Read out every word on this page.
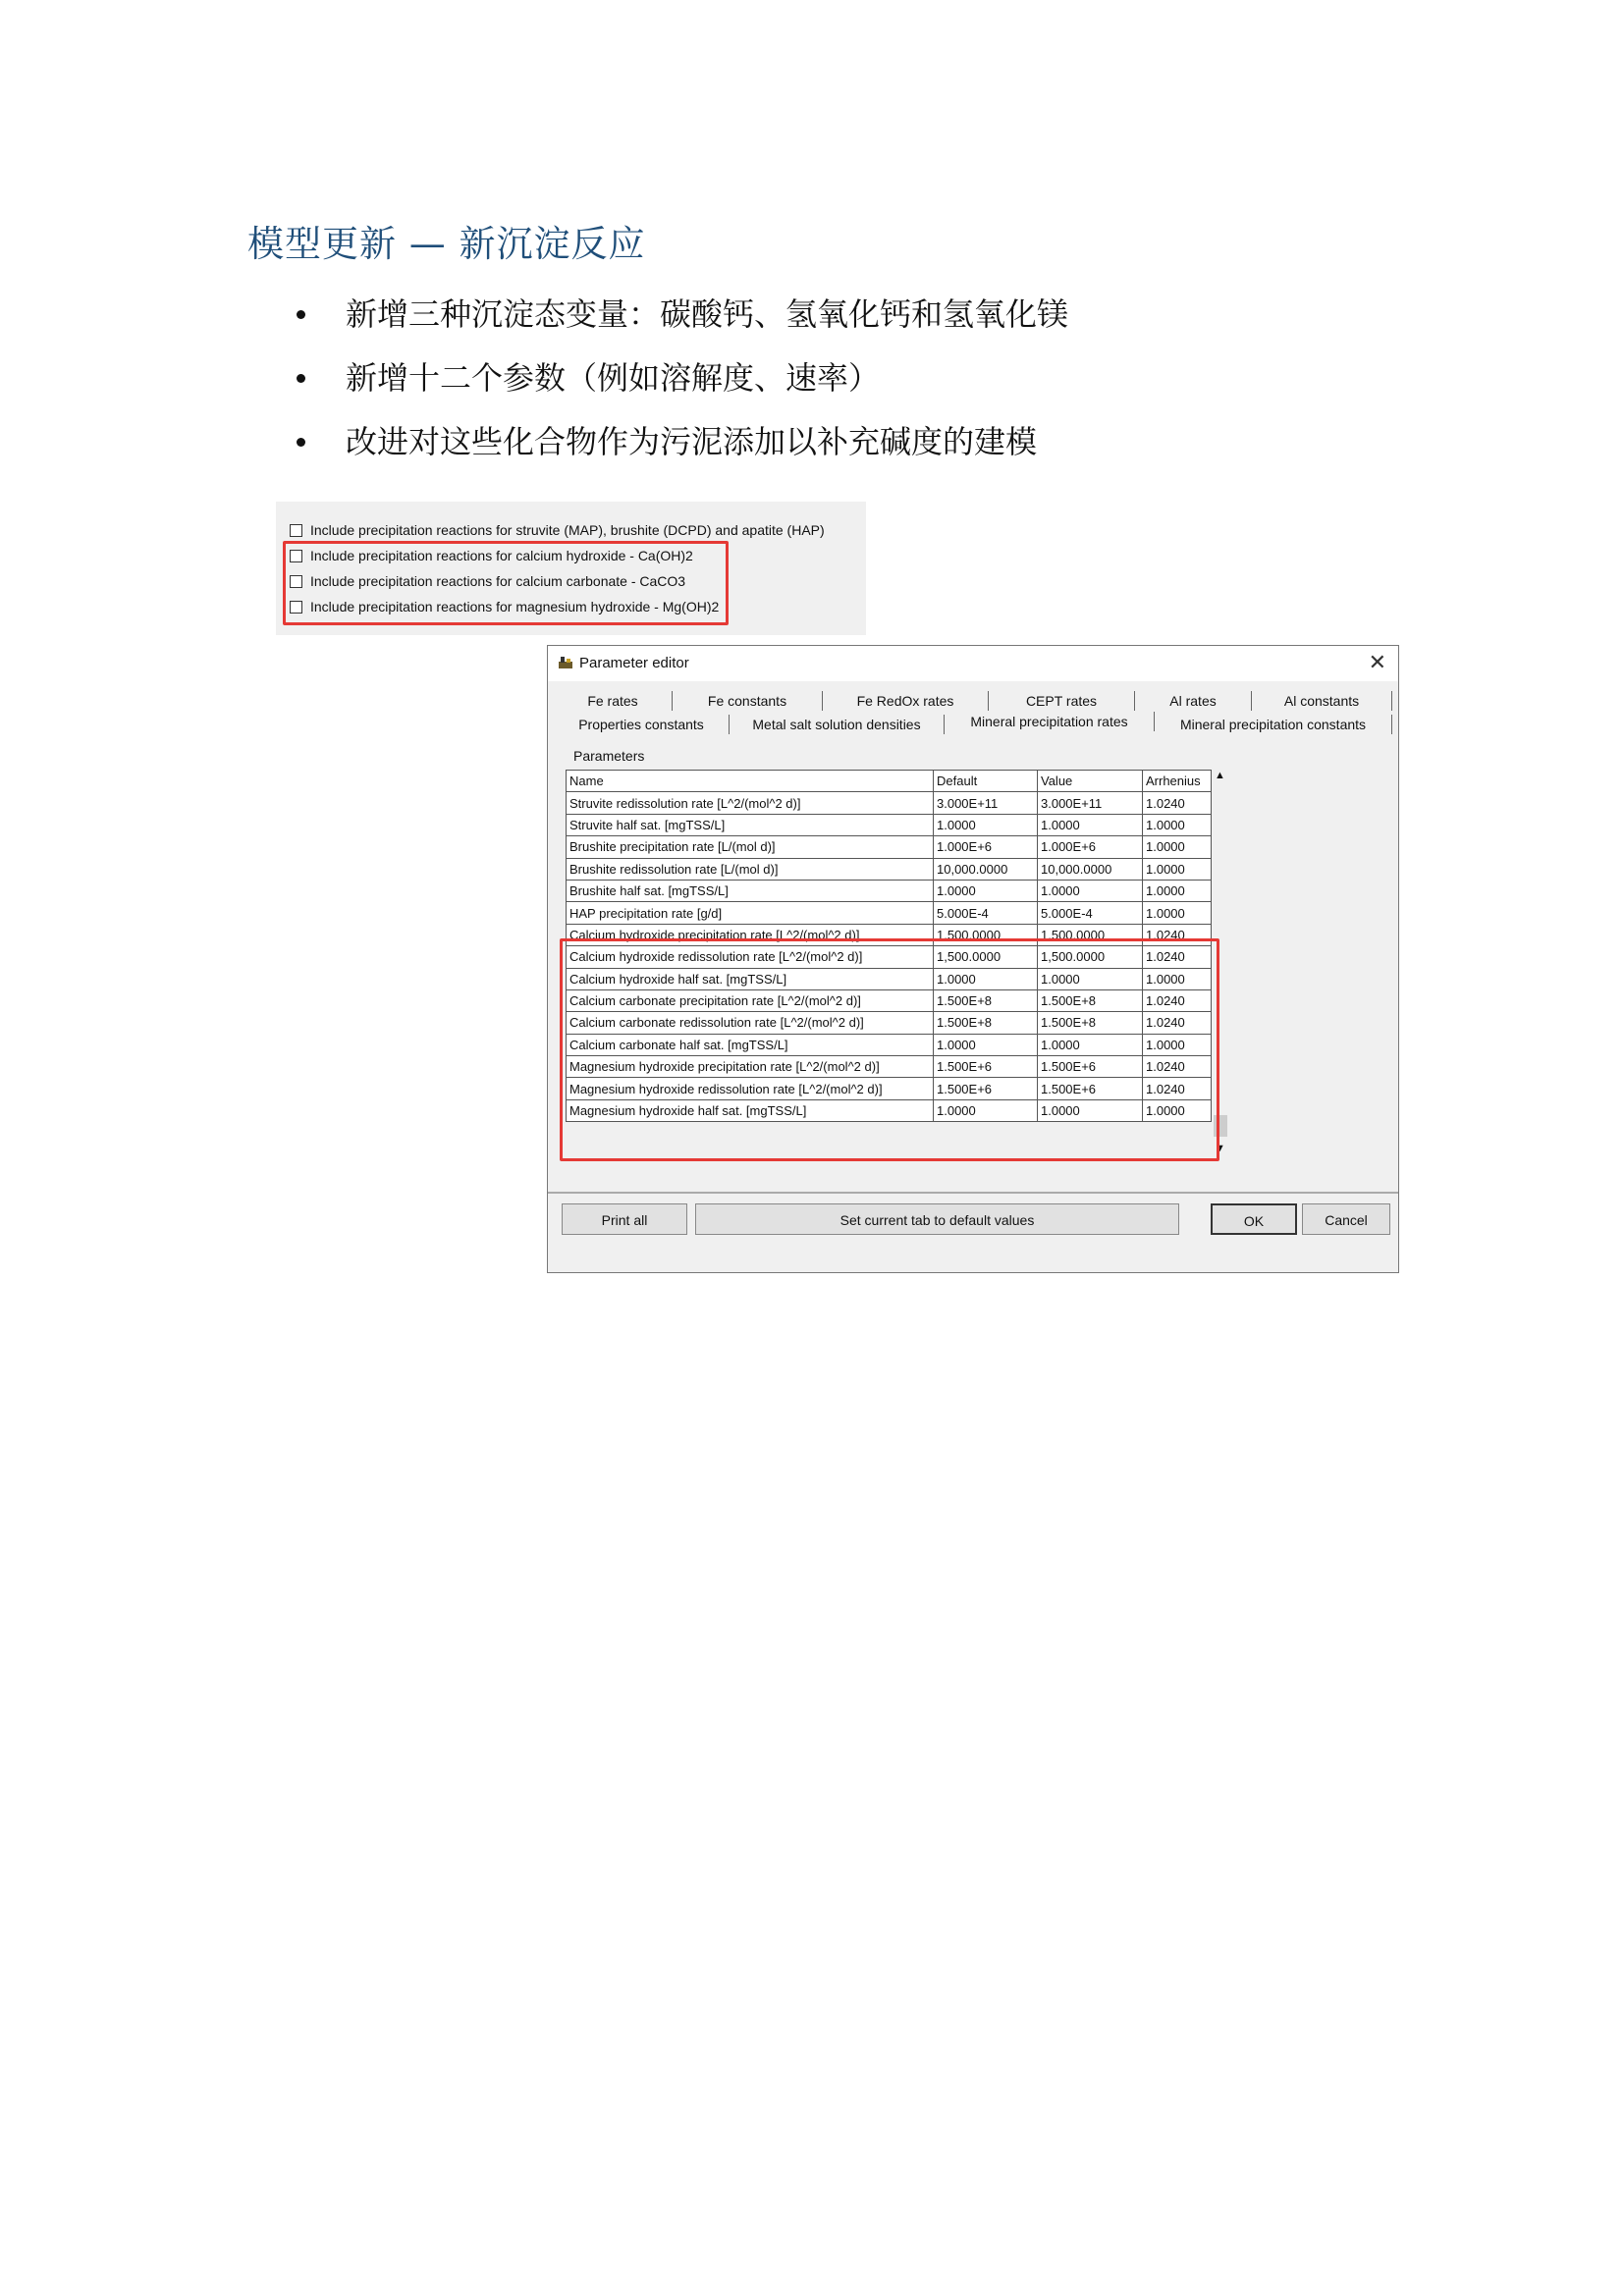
模型更新 — 新沉淀反应
新增三种沉淀态变量：碳酸钙、氢氧化钙和氢氧化镁
新增十二个参数（例如溶解度、速率）
改进对这些化合物作为污泥添加以补充碱度的建模
Include precipitation reactions for struvite (MAP), brushite (DCPD) and apatite (HAP)
Include precipitation reactions for calcium hydroxide - Ca(OH)2
Include precipitation reactions for calcium carbonate - CaCO3
Include precipitation reactions for magnesium hydroxide - Mg(OH)2
Parameter editor	✕
Fe rates	Fe constants	Fe RedOx rates	CEPT rates	Al rates	Al constants
Properties constants	Metal salt solution densities	Mineral precipitation rates	Mineral precipitation constants
Parameters
Name	Default	Value	Arrhenius
Struvite redissolution rate [L^2/(mol^2 d)]	3.000E+11	3.000E+11	1.0240
Struvite half sat. [mgTSS/L]	1.0000	1.0000	1.0000
Brushite precipitation rate [L/(mol d)]	1.000E+6	1.000E+6	1.0000
Brushite redissolution rate [L/(mol d)]	10,000.0000	10,000.0000	1.0000
Brushite half sat. [mgTSS/L]	1.0000	1.0000	1.0000
HAP precipitation rate [g/d]	5.000E-4	5.000E-4	1.0000
Calcium hydroxide precipitation rate [L^2/(mol^2 d)]	1,500.0000	1,500.0000	1.0240
Calcium hydroxide redissolution rate [L^2/(mol^2 d)]	1,500.0000	1,500.0000	1.0240
Calcium hydroxide half sat. [mgTSS/L]	1.0000	1.0000	1.0000
Calcium carbonate precipitation rate [L^2/(mol^2 d)]	1.500E+8	1.500E+8	1.0240
Calcium carbonate redissolution rate [L^2/(mol^2 d)]	1.500E+8	1.500E+8	1.0240
Calcium carbonate half sat. [mgTSS/L]	1.0000	1.0000	1.0000
Magnesium hydroxide precipitation rate [L^2/(mol^2 d)]	1.500E+6	1.500E+6	1.0240
Magnesium hydroxide redissolution rate [L^2/(mol^2 d)]	1.500E+6	1.500E+6	1.0240
Magnesium hydroxide half sat. [mgTSS/L]	1.0000	1.0000	1.0000
▲
▼
Print all	Set current tab to default values	OK	Cancel
